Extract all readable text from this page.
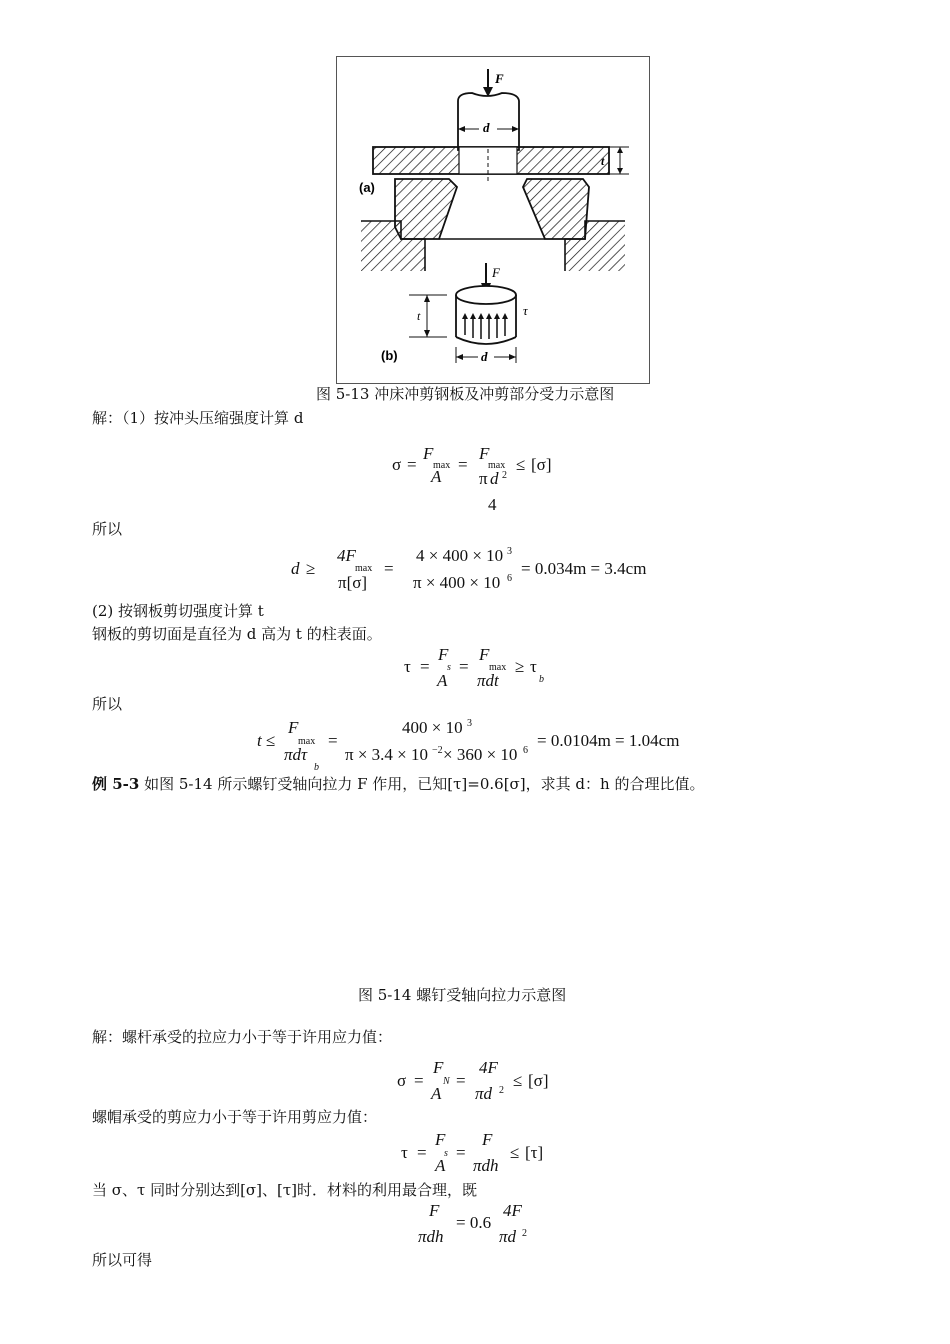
F
d
t
(a)
F
τ
t
d
(b)
图 5-13 冲床冲剪钢板及冲剪部分受力示意图
解：（1）按冲头压缩强度计算 d
σ =
F
max
A
=
F
max
π d 2
≤ [σ]
4
所以
d ≥
4F
max
π[σ]
=
4 × 400 × 10 3
π × 400 × 10 6
= 0.034m = 3.4cm
(2) 按钢板剪切强度计算 t
钢板的剪切面是直径为 d 高为 t 的柱表面。
τ =
F
s
A
=
F
max
πdt
≥ τ
b
所以
t ≤
F
max
πdτ
b
=
400 × 10 3
π × 3.4 × 10 −2 × 360 × 10 6
= 0.0104m = 1.04cm
例 5-3 如图 5-14 所示螺钉受轴向拉力 F 作用，已知[τ]=0.6[σ]，求其 d：h 的合理比值。
图 5-14 螺钉受轴向拉力示意图
解：螺杆承受的拉应力小于等于许用应力值：
σ =
F
N
A
=
4F
πd 2
≤ [σ]
螺帽承受的剪应力小于等于许用剪应力值：
τ =
F
s
A
=
F
πdh
≤ [τ]
当 σ、τ 同时分别达到[σ]、[τ]时．材料的利用最合理，既
F
πdh
= 0.6
4F
πd 2
所以可得
